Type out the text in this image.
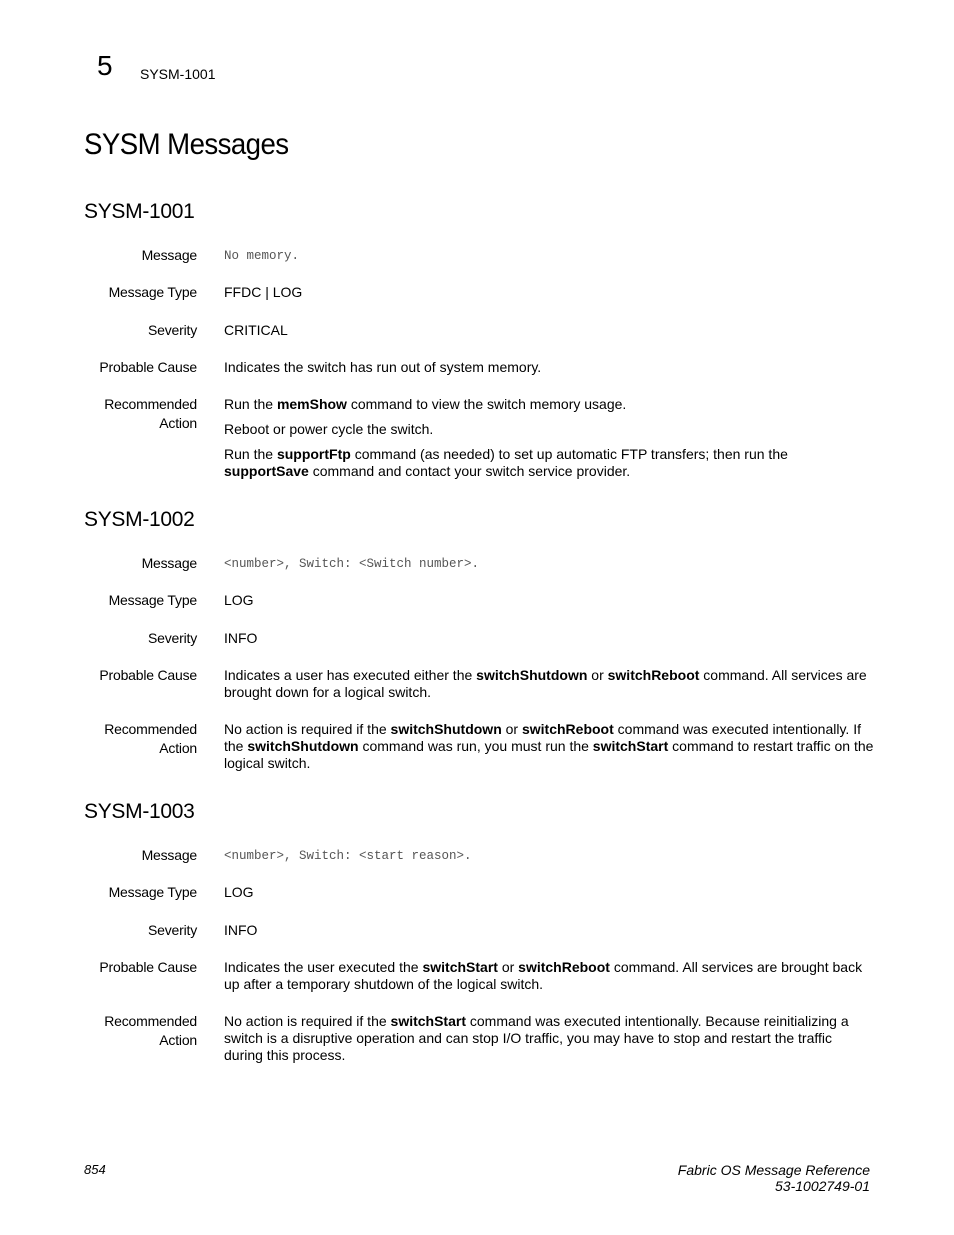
5 SYSM-1001
SYSM Messages
SYSM-1001
Message No memory.
Message Type FFDC | LOG
Severity CRITICAL
Probable Cause Indicates the switch has run out of system memory.
Recommended
Action

Run the memShow command to view the switch memory usage.

Reboot or power cycle the switch.

Run the supportFtp command (as needed) to set up automatic FTP transfers; then run the supportSave command and contact your switch service provider.

SYSM-1002
Message <number>, Switch: <Switch number>.
Message Type LOG
Severity INFO
Probable Cause Indicates a user has executed either the switchShutdown or switchReboot command. All services are brought down for a logical switch.
Recommended
Action
No action is required if the switchShutdown or switchReboot command was executed intentionally. If the switchShutdown command was run, you must run the switchStart command to restart traffic on the logical switch.
SYSM-1003
Message <number>, Switch: <start reason>.
Message Type LOG
Severity INFO
Probable Cause Indicates the user executed the switchStart or switchReboot command. All services are brought back up after a temporary shutdown of the logical switch.
Recommended
Action
No action is required if the switchStart command was executed intentionally. Because reinitializing a switch is a disruptive operation and can stop I/O traffic, you may have to stop and restart the traffic during this process.
854	Fabric OS Message Reference
53-1002749-01
